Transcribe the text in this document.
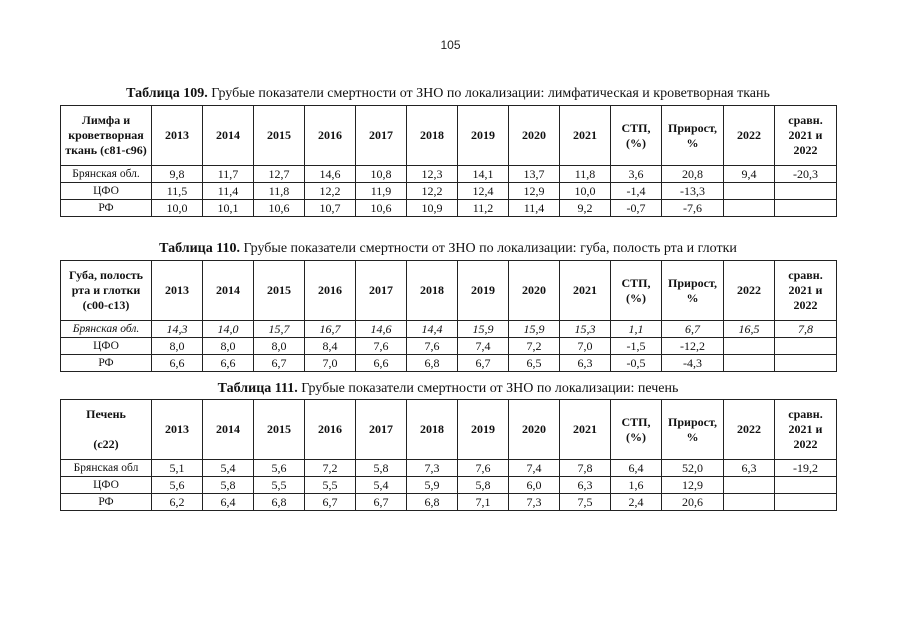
105
Таблица 109. Грубые показатели смертности от ЗНО по локализации: лимфатическая и кроветворная ткань
Лимфа и кроветворная ткань (с81-с96)	2013	2014	2015	2016	2017	2018	2019	2020	2021	СТП, (%)	Прирост, %	2022	сравн. 2021 и 2022
Брянская обл.	9,8	11,7	12,7	14,6	10,8	12,3	14,1	13,7	11,8	3,6	20,8	9,4	-20,3
ЦФО	11,5	11,4	11,8	12,2	11,9	12,2	12,4	12,9	10,0	-1,4	-13,3		
РФ	10,0	10,1	10,6	10,7	10,6	10,9	11,2	11,4	9,2	-0,7	-7,6		
Таблица 110. Грубые показатели смертности от ЗНО по локализации: губа, полость рта и глотки
Губа, полость рта и глотки (с00-с13)	2013	2014	2015	2016	2017	2018	2019	2020	2021	СТП, (%)	Прирост, %	2022	сравн. 2021 и 2022
Брянская обл.	14,3	14,0	15,7	16,7	14,6	14,4	15,9	15,9	15,3	1,1	6,7	16,5	7,8
ЦФО	8,0	8,0	8,0	8,4	7,6	7,6	7,4	7,2	7,0	-1,5	-12,2		
РФ	6,6	6,6	6,7	7,0	6,6	6,8	6,7	6,5	6,3	-0,5	-4,3		
Таблица 111. Грубые показатели смертности от ЗНО по локализации: печень
Печень

(с22)	2013	2014	2015	2016	2017	2018	2019	2020	2021	СТП, (%)	Прирост, %	2022	сравн. 2021 и 2022
Брянская обл	5,1	5,4	5,6	7,2	5,8	7,3	7,6	7,4	7,8	6,4	52,0	6,3	-19,2
ЦФО	5,6	5,8	5,5	5,5	5,4	5,9	5,8	6,0	6,3	1,6	12,9		
РФ	6,2	6,4	6,8	6,7	6,7	6,8	7,1	7,3	7,5	2,4	20,6		
